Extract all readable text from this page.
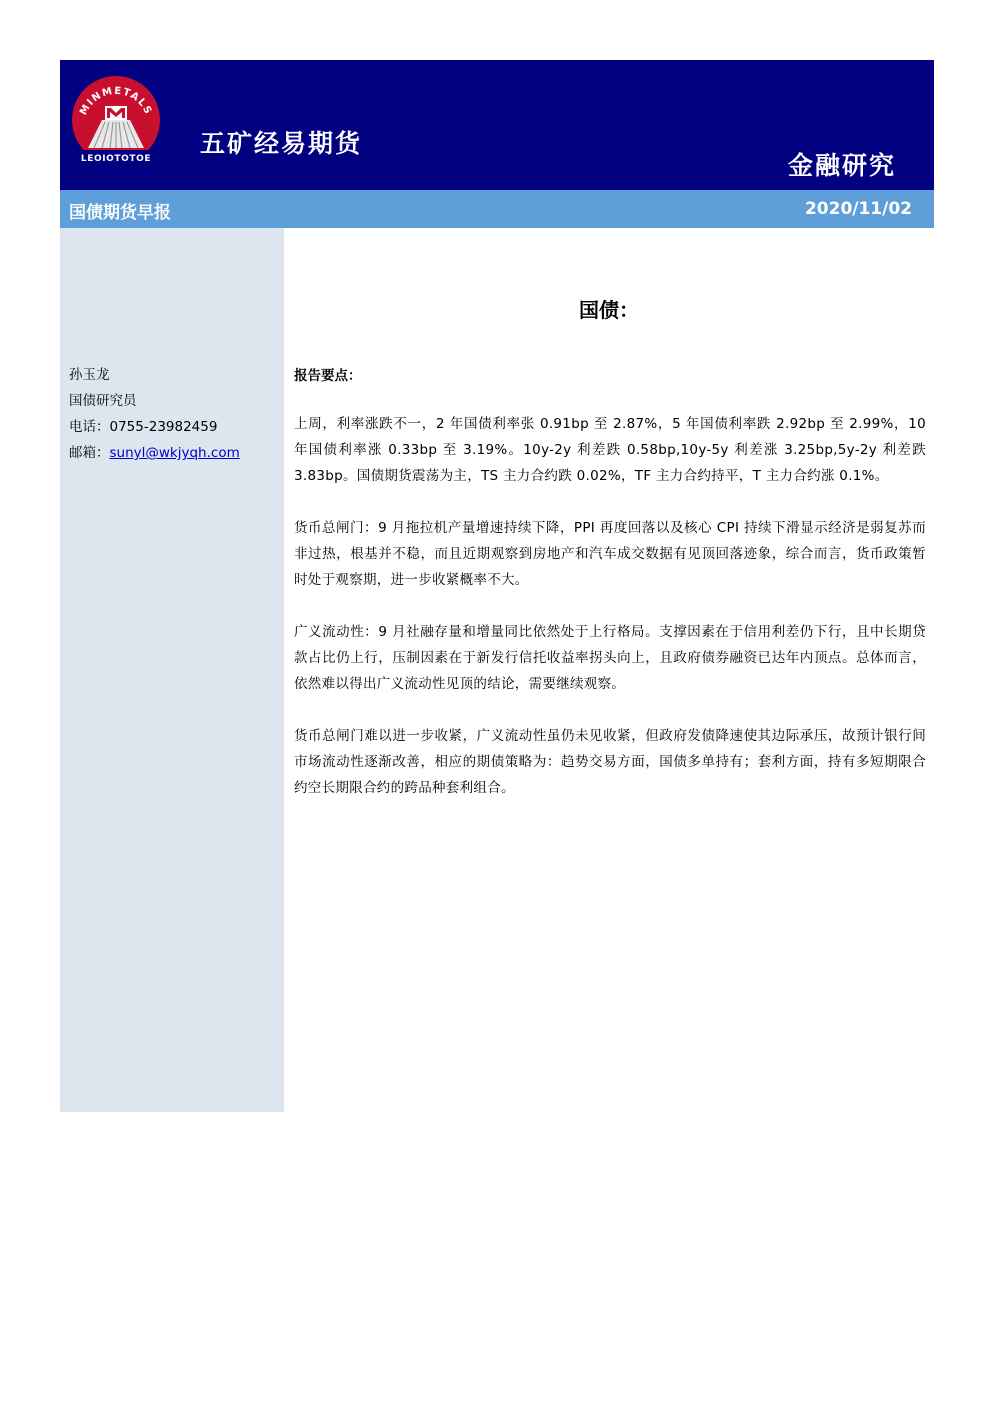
MINMETALS
LEOIOTOTOE
五矿经易期货
金融研究
国债期货早报	2020/11/02
孙玉龙
国债研究员
电话：0755-23982459
邮箱：sunyl@wkjyqh.com
国债：
报告要点：

上周，利率涨跌不一，2 年国债利率张 0.91bp 至 2.87%，5 年国债利率跌 2.92bp 至 2.99%，10 年国债利率涨 0.33bp 至 3.19%。10y-2y 利差跌 0.58bp,10y-5y 利差涨 3.25bp,5y-2y 利差跌 3.83bp。国债期货震荡为主，TS 主力合约跌 0.02%，TF 主力合约持平，T 主力合约涨 0.1%。

货币总闸门：9 月拖拉机产量增速持续下降，PPI 再度回落以及核心 CPI 持续下滑显示经济是弱复苏而非过热，根基并不稳，而且近期观察到房地产和汽车成交数据有见顶回落迹象，综合而言，货币政策暂时处于观察期，进一步收紧概率不大。

广义流动性：9 月社融存量和增量同比依然处于上行格局。支撑因素在于信用利差仍下行，且中长期贷款占比仍上行，压制因素在于新发行信托收益率拐头向上，且政府债券融资已达年内顶点。总体而言，依然难以得出广义流动性见顶的结论，需要继续观察。

货币总闸门难以进一步收紧，广义流动性虽仍未见收紧，但政府发债降速使其边际承压，故预计银行间市场流动性逐渐改善，相应的期债策略为：趋势交易方面，国债多单持有；套利方面，持有多短期限合约空长期限合约的跨品种套利组合。
